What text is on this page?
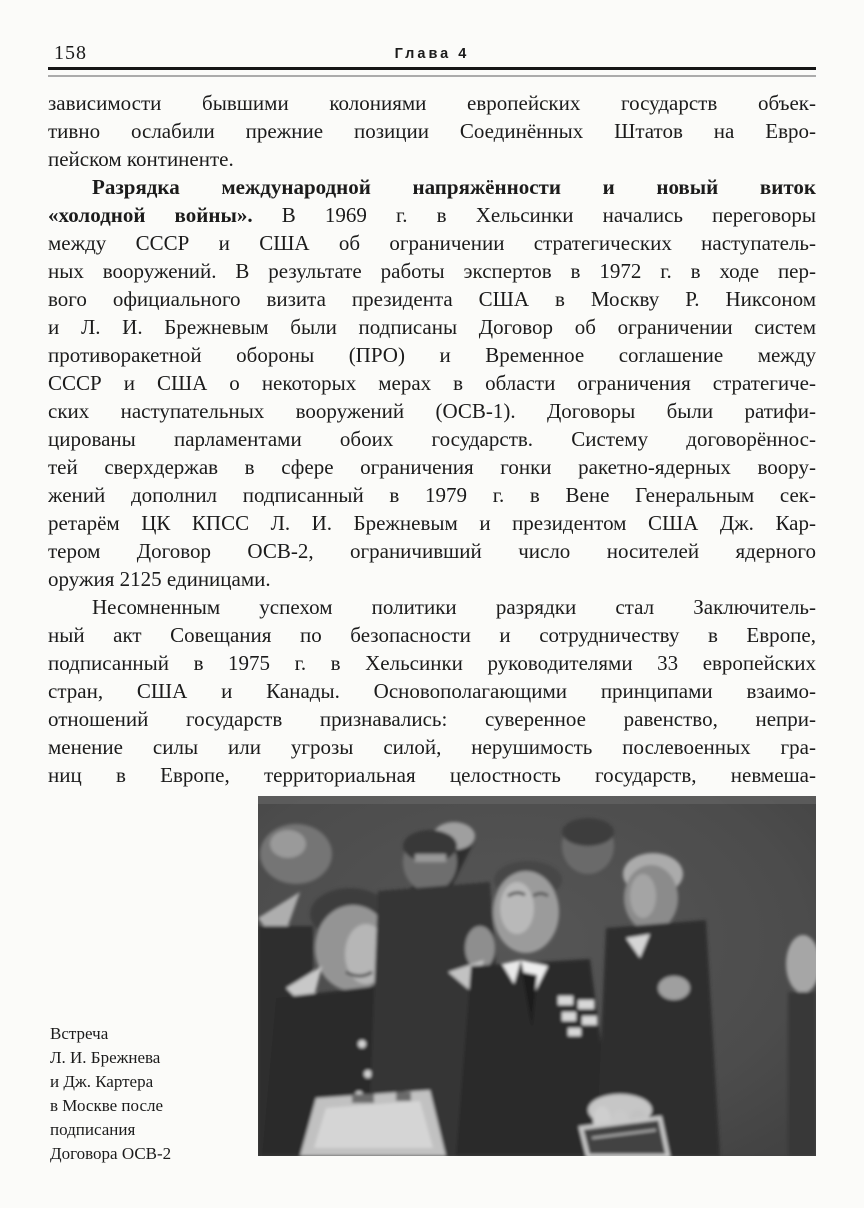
158	Глава 4
зависимости бывшими колониями европейских государств объек-
тивно ослабили прежние позиции Соединённых Штатов на Евро-
пейском континенте.
Разрядка международной напряжённости и новый виток
«холодной войны». В 1969 г. в Хельсинки начались переговоры
между СССР и США об ограничении стратегических наступатель-
ных вооружений. В результате работы экспертов в 1972 г. в ходе пер-
вого официального визита президента США в Москву Р. Никсоном
и Л. И. Брежневым были подписаны Договор об ограничении систем
противоракетной обороны (ПРО) и Временное соглашение между
СССР и США о некоторых мерах в области ограничения стратегиче-
ских наступательных вооружений (ОСВ-1). Договоры были ратифи-
цированы парламентами обоих государств. Систему договорённос-
тей сверхдержав в сфере ограничения гонки ракетно-ядерных воору-
жений дополнил подписанный в 1979 г. в Вене Генеральным сек-
ретарём ЦК КПСС Л. И. Брежневым и президентом США Дж. Кар-
тером Договор ОСВ-2, ограничивший число носителей ядерного
оружия 2125 единицами.
Несомненным успехом политики разрядки стал Заключитель-
ный акт Совещания по безопасности и сотрудничеству в Европе,
подписанный в 1975 г. в Хельсинки руководителями 33 европейских
стран, США и Канады. Основополагающими принципами взаимо-
отношений государств признавались: суверенное равенство, непри-
менение силы или угрозы силой, нерушимость послевоенных гра-
ниц в Европе, территориальная целостность государств, невмеша-
Встреча
Л. И. Брежнева
и Дж. Картера
в Москве после
подписания
Договора ОСВ-2
